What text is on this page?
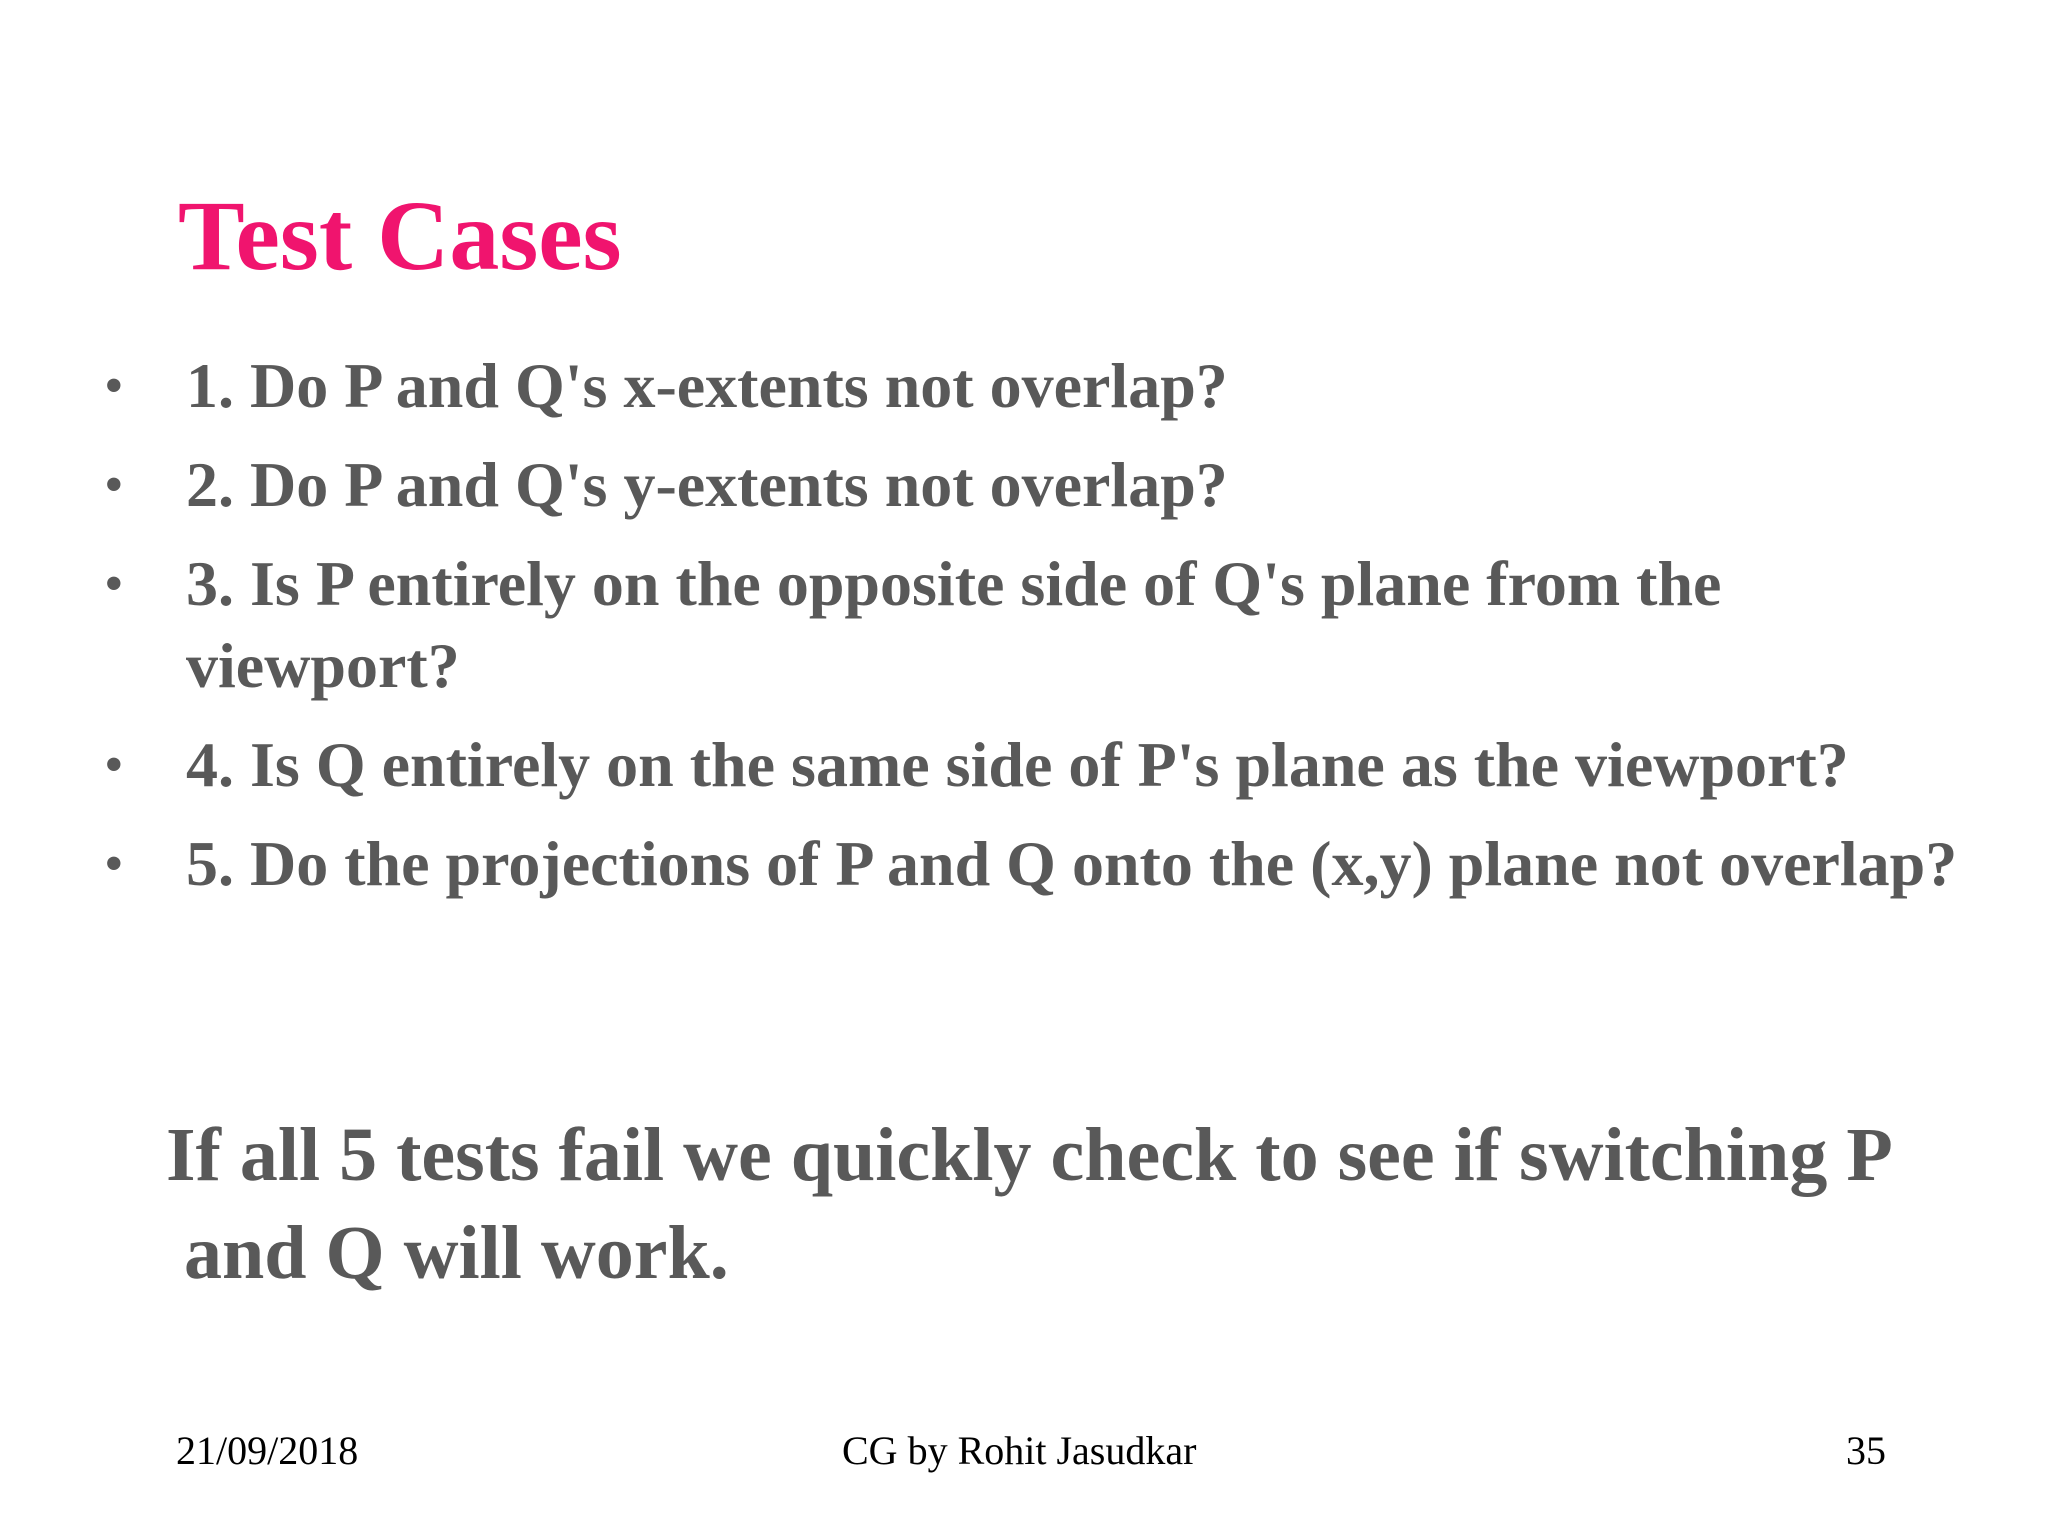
Test Cases
• 1. Do P and Q's x-extents not overlap?
• 2. Do P and Q's y-extents not overlap?
• 3. Is P entirely on the opposite side of Q's plane from the viewport?
• 4. Is Q entirely on the same side of P's plane as the viewport?
• 5. Do the projections of P and Q onto the (x,y) plane not overlap?

If all 5 tests fail we quickly check to see if switching P
and Q will work.

21/09/2018	CG by Rohit Jasudkar	35
